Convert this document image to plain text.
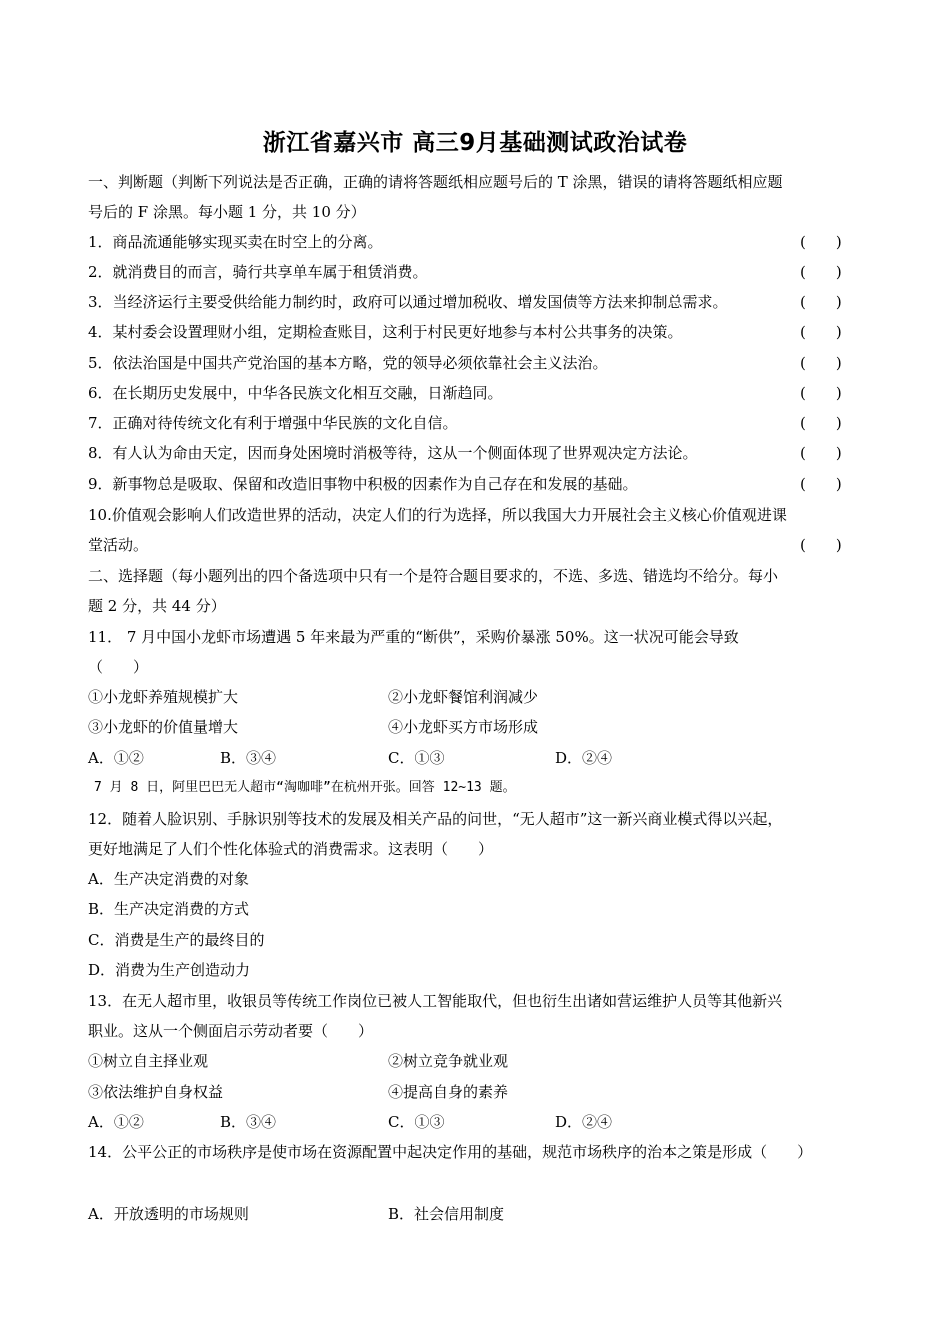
浙江省嘉兴市 高三9月基础测试政治试卷
一、判断题（判断下列说法是否正确，正确的请将答题纸相应题号后的 T 涂黑，错误的请将答题纸相应题
号后的 F 涂黑。每小题 1 分，共 10 分）
1．商品流通能够实现买卖在时空上的分离。	(　　)
2．就消费目的而言，骑行共享单车属于租赁消费。	(　　)
3．当经济运行主要受供给能力制约时，政府可以通过增加税收、增发国债等方法来抑制总需求。	(　　)
4．某村委会设置理财小组，定期检查账目，这利于村民更好地参与本村公共事务的决策。	(　　)
5．依法治国是中国共产党治国的基本方略，党的领导必须依靠社会主义法治。	(　　)
6．在长期历史发展中，中华各民族文化相互交融，日渐趋同。	(　　)
7．正确对待传统文化有利于增强中华民族的文化自信。	(　　)
8．有人认为命由天定，因而身处困境时消极等待，这从一个侧面体现了世界观决定方法论。	(　　)
9．新事物总是吸取、保留和改造旧事物中积极的因素作为自己存在和发展的基础。	(　　)
10.价值观会影响人们改造世界的活动，决定人们的行为选择，所以我国大力开展社会主义核心价值观进课
堂活动。	(　　)
二、选择题（每小题列出的四个备选项中只有一个是符合题目要求的，不选、多选、错选均不给分。每小
题 2 分，共 44 分）
11． 7 月中国小龙虾市场遭遇 5 年来最为严重的“断供”，采购价暴涨 50%。这一状况可能会导致
（　　）
①小龙虾养殖规模扩大	②小龙虾餐馆利润减少
③小龙虾的价值量增大	④小龙虾买方市场形成
A．①②	B．③④	C．①③	D．②④
7 月 8 日，阿里巴巴无人超市“淘咖啡”在杭州开张。回答 12~13 题。
12．随着人脸识别、手脉识别等技术的发展及相关产品的问世，“无人超市”这一新兴商业模式得以兴起，
更好地满足了人们个性化体验式的消费需求。这表明（　　）
A．生产决定消费的对象
B．生产决定消费的方式
C．消费是生产的最终目的
D．消费为生产创造动力
13．在无人超市里，收银员等传统工作岗位已被人工智能取代，但也衍生出诸如营运维护人员等其他新兴
职业。这从一个侧面启示劳动者要（　　）
①树立自主择业观	②树立竞争就业观
③依法维护自身权益	④提高自身的素养
A．①②	B．③④	C．①③	D．②④
14．公平公正的市场秩序是使市场在资源配置中起决定作用的基础，规范市场秩序的治本之策是形成（　　）
A．开放透明的市场规则	B．社会信用制度
